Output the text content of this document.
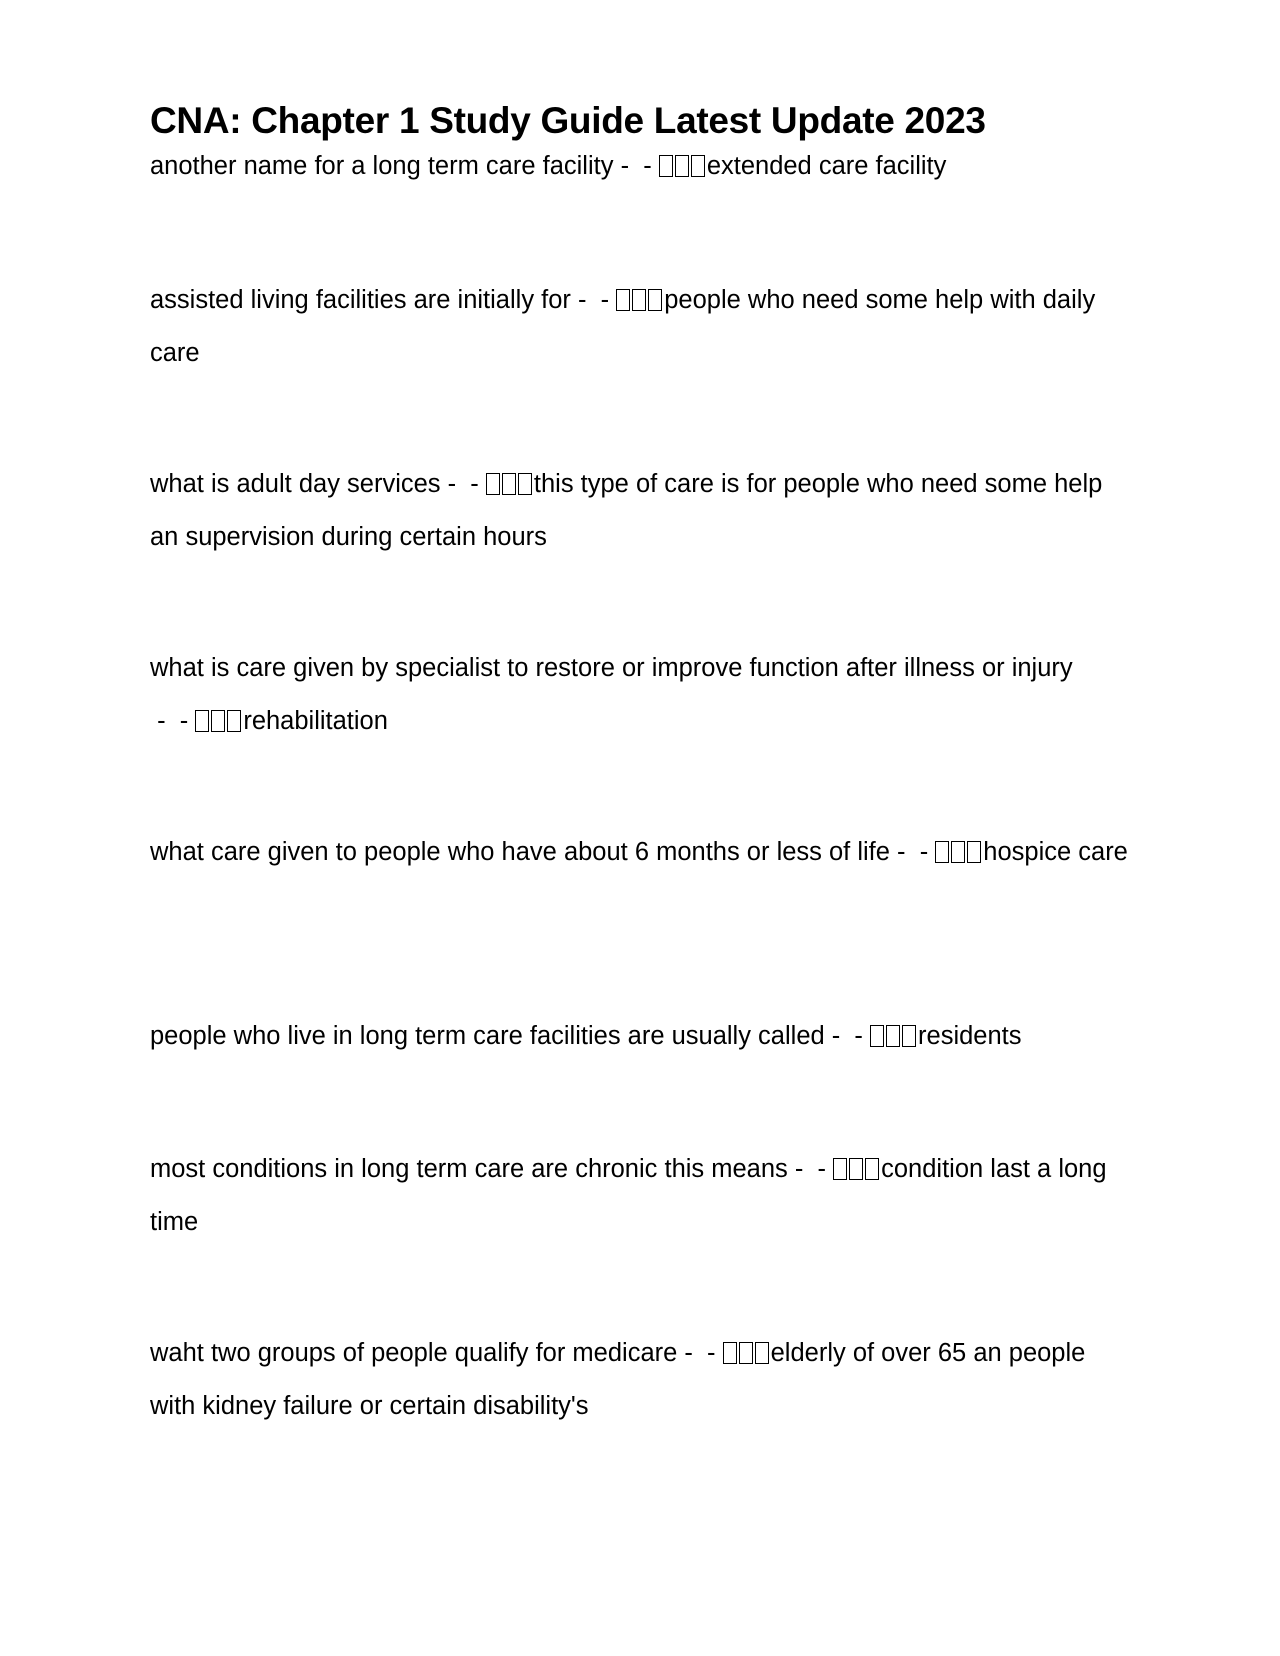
CNA: Chapter 1 Study Guide Latest Update 2023

another name for a long term care facility -  - extended care facility

assisted living facilities are initially for -  - people who need some help with daily care

what is adult day services -  - this type of care is for people who need some help an supervision during certain hours

what is care given by specialist to restore or improve function after illness or injury -  - rehabilitation

what care given to people who have about 6 months or less of life -  - hospice care

people who live in long term care facilities are usually called -  - residents

most conditions in long term care are chronic this means -  - condition last a long time

waht two groups of people qualify for medicare -  - elderly of over 65 an people with kidney failure or certain disability's
